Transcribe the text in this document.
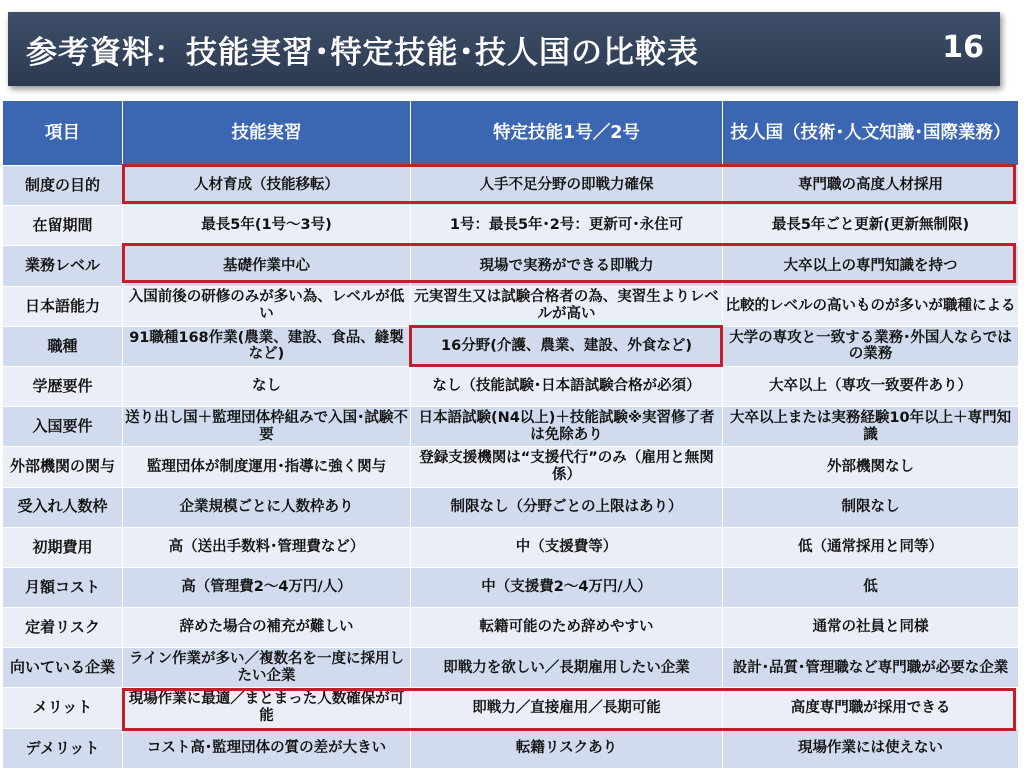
参考資料：技能実習･特定技能･技人国の比較表	16
項目	技能実習	特定技能1号／2号	技人国（技術･人文知識･国際業務）
制度の目的	人材育成（技能移転）	人手不足分野の即戦力確保	専門職の高度人材採用
在留期間	最長5年(1号～3号)	1号：最長5年･2号：更新可･永住可	最長5年ごと更新(更新無制限)
業務レベル	基礎作業中心	現場で実務ができる即戦力	大卒以上の専門知識を持つ
日本語能力	入国前後の研修のみが多い為、レベルが低い	元実習生又は試験合格者の為、実習生よりレベルが高い	比較的レベルの高いものが多いが職種による
職種	91職種168作業(農業、建設、食品、縫製など)	16分野(介護、農業、建設、外食など)	大学の専攻と一致する業務･外国人ならではの業務
学歴要件	なし	なし（技能試験･日本語試験合格が必須）	大卒以上（専攻一致要件あり）
入国要件	送り出し国＋監理団体枠組みで入国･試験不要	日本語試験(N4以上)＋技能試験※実習修了者は免除あり	大卒以上または実務経験10年以上＋専門知識
外部機関の関与	監理団体が制度運用･指導に強く関与	登録支援機関は“支援代行”のみ（雇用と無関係）	外部機関なし
受入れ人数枠	企業規模ごとに人数枠あり	制限なし（分野ごとの上限はあり）	制限なし
初期費用	高（送出手数料･管理費など）	中（支援費等）	低（通常採用と同等）
月額コスト	高（管理費2～4万円/人）	中（支援費2～4万円/人）	低
定着リスク	辞めた場合の補充が難しい	転籍可能のため辞めやすい	通常の社員と同様
向いている企業	ライン作業が多い／複数名を一度に採用したい企業	即戦力を欲しい／長期雇用したい企業	設計･品質･管理職など専門職が必要な企業
メリット	現場作業に最適／まとまった人数確保が可能	即戦力／直接雇用／長期可能	高度専門職が採用できる
デメリット	コスト高･監理団体の質の差が大きい	転籍リスクあり	現場作業には使えない
